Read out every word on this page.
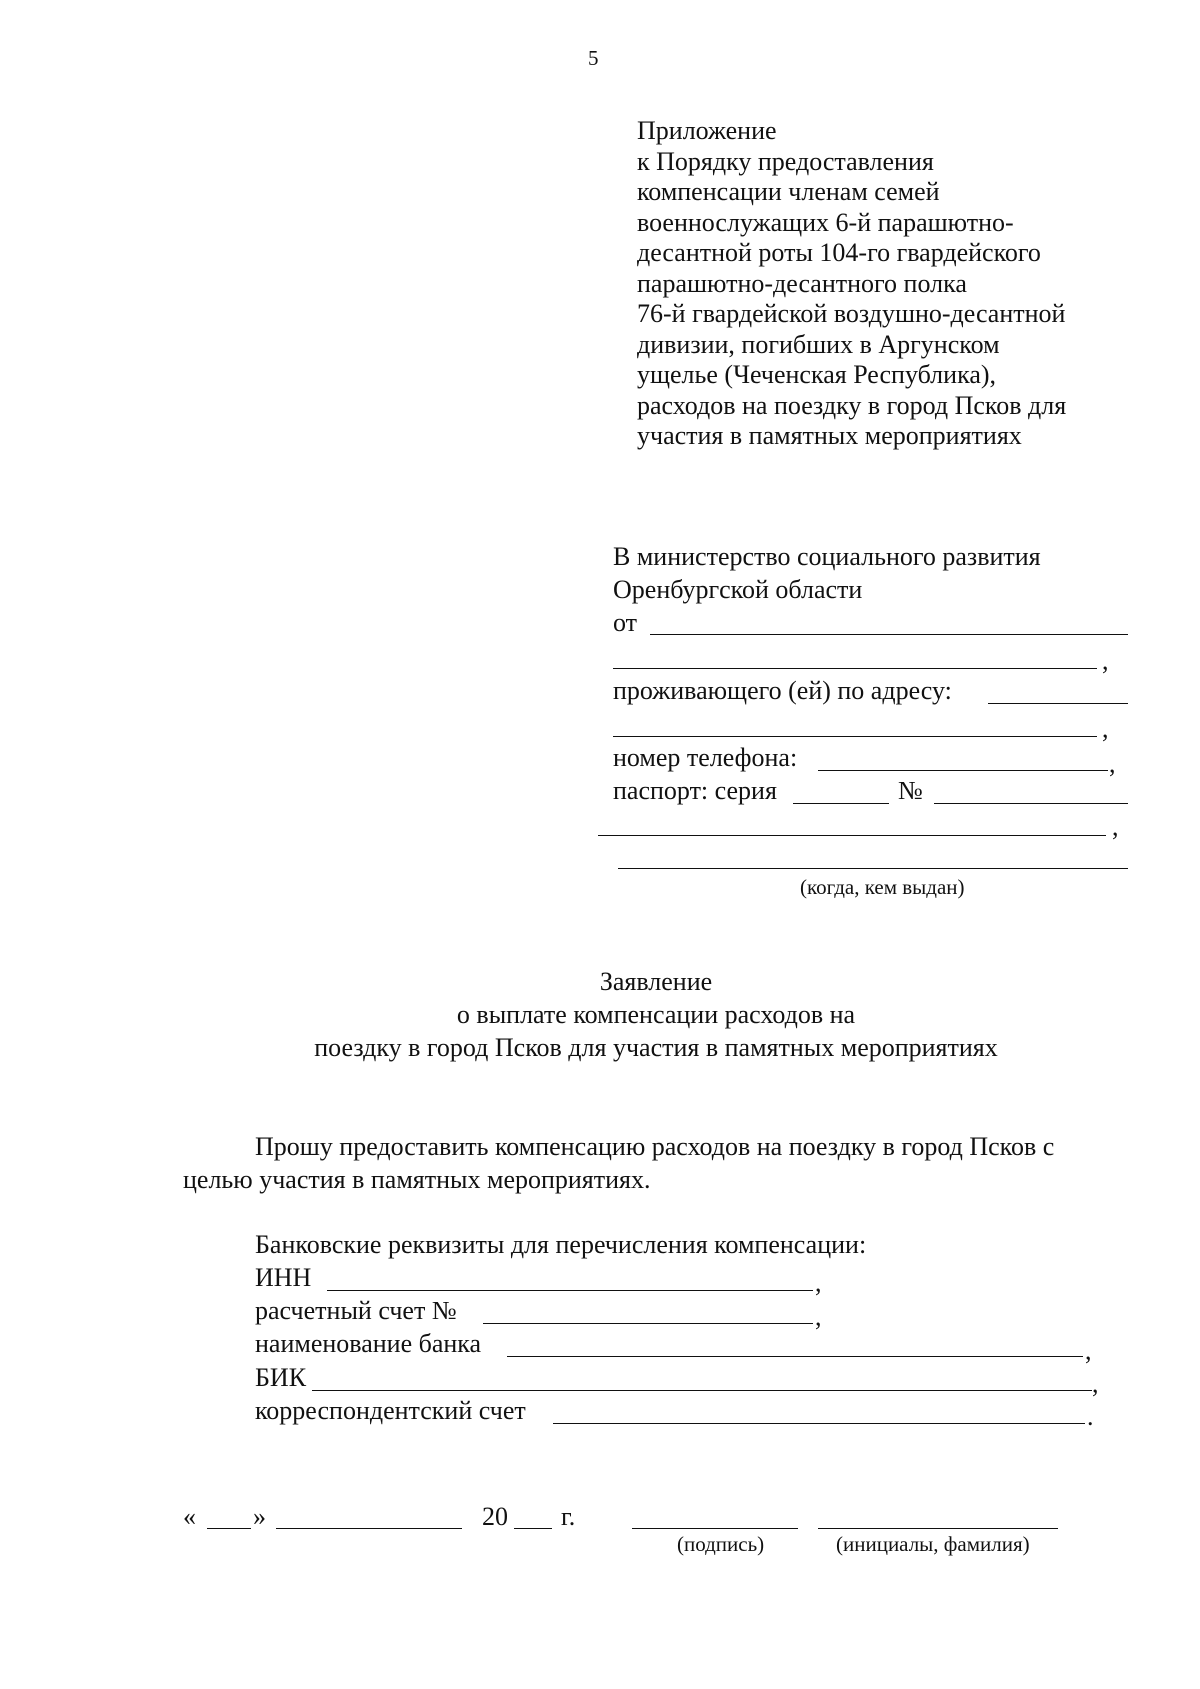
5
Приложение
к Порядку предоставления
компенсации членам семей
военнослужащих 6-й парашютно-
десантной роты 104-го гвардейского
парашютно-десантного полка
76-й гвардейской воздушно-десантной
дивизии, погибших в Аргунском
ущелье (Чеченская Республика),
расходов на поездку в город Псков для
участия в памятных мероприятиях
В министерство социального развития
Оренбургской области
от
,
проживающего (ей) по адресу:
,
номер телефона:	,
паспорт: серия	№
,
(когда, кем выдан)
Заявление
о выплате компенсации расходов на
поездку в город Псков для участия в памятных мероприятиях
Прошу предоставить компенсацию расходов на поездку в город Псков с
целью участия в памятных мероприятиях.
Банковские реквизиты для перечисления компенсации:
ИНН	,
расчетный счет №	,
наименование банка	,
БИК	,
корреспондентский счет	.
« »	20 г.
(подпись)	(инициалы, фамилия)
